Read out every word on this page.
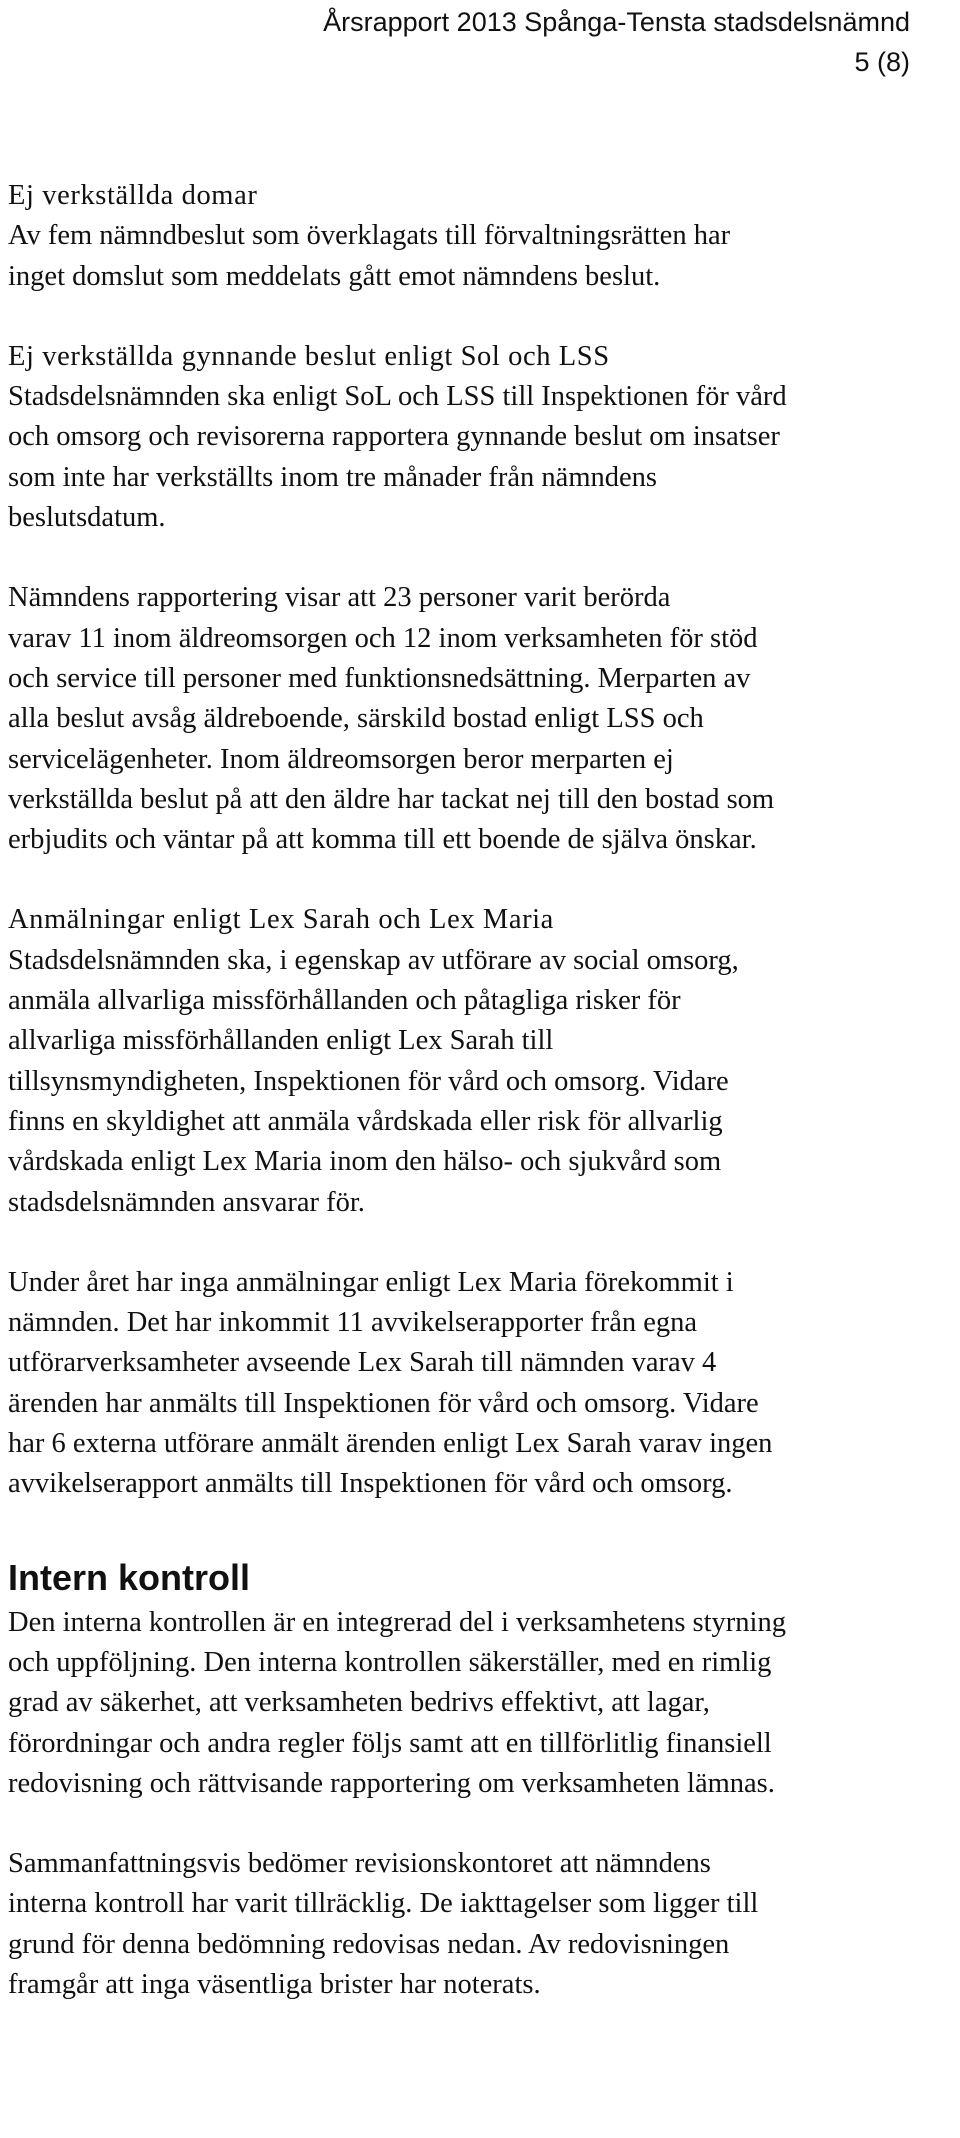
Årsrapport 2013 Spånga-Tensta stadsdelsnämnd
5 (8)
Ej verkställda domar
Av fem nämndbeslut som överklagats till förvaltningsrätten har
inget domslut som meddelats gått emot nämndens beslut.
Ej verkställda gynnande beslut enligt Sol och LSS
Stadsdelsnämnden ska enligt SoL och LSS till Inspektionen för vård
och omsorg och revisorerna rapportera gynnande beslut om insatser
som inte har verkställts inom tre månader från nämndens
beslutsdatum.
Nämndens rapportering visar att 23 personer varit berörda
varav 11 inom äldreomsorgen och 12 inom verksamheten för stöd
och service till personer med funktionsnedsättning. Merparten av
alla beslut avsåg äldreboende, särskild bostad enligt LSS och
servicelägenheter. Inom äldreomsorgen beror merparten ej
verkställda beslut på att den äldre har tackat nej till den bostad som
erbjudits och väntar på att komma till ett boende de själva önskar.
Anmälningar enligt Lex Sarah och Lex Maria
Stadsdelsnämnden ska, i egenskap av utförare av social omsorg,
anmäla allvarliga missförhållanden och påtagliga risker för
allvarliga missförhållanden enligt Lex Sarah till
tillsynsmyndigheten, Inspektionen för vård och omsorg. Vidare
finns en skyldighet att anmäla vårdskada eller risk för allvarlig
vårdskada enligt Lex Maria inom den hälso- och sjukvård som
stadsdelsnämnden ansvarar för.
Under året har inga anmälningar enligt Lex Maria förekommit i
nämnden. Det har inkommit 11 avvikelserapporter från egna
utförarverksamheter avseende Lex Sarah till nämnden varav 4
ärenden har anmälts till Inspektionen för vård och omsorg. Vidare
har 6 externa utförare anmält ärenden enligt Lex Sarah varav ingen
avvikelserapport anmälts till Inspektionen för vård och omsorg.
Intern kontroll
Den interna kontrollen är en integrerad del i verksamhetens styrning
och uppföljning. Den interna kontrollen säkerställer, med en rimlig
grad av säkerhet, att verksamheten bedrivs effektivt, att lagar,
förordningar och andra regler följs samt att en tillförlitlig finansiell
redovisning och rättvisande rapportering om verksamheten lämnas.
Sammanfattningsvis bedömer revisionskontoret att nämndens
interna kontroll har varit tillräcklig. De iakttagelser som ligger till
grund för denna bedömning redovisas nedan. Av redovisningen
framgår att inga väsentliga brister har noterats.
